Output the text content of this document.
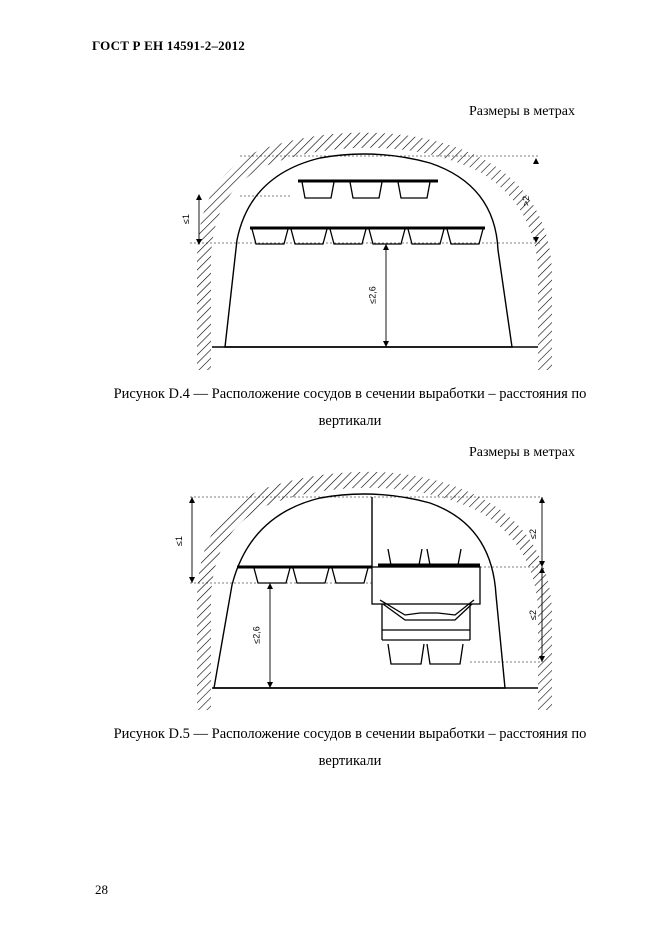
ГОСТ Р ЕН 14591-2–2012
Размеры в метрах
≤1
≤2,6
>2
Рисунок D.4 — Расположение сосудов в сечении выработки – расстояния по
вертикали
Размеры в метрах
≤1
≤2,6
≤2
≤2
Рисунок D.5 — Расположение сосудов в сечении выработки – расстояния по
вертикали
28
